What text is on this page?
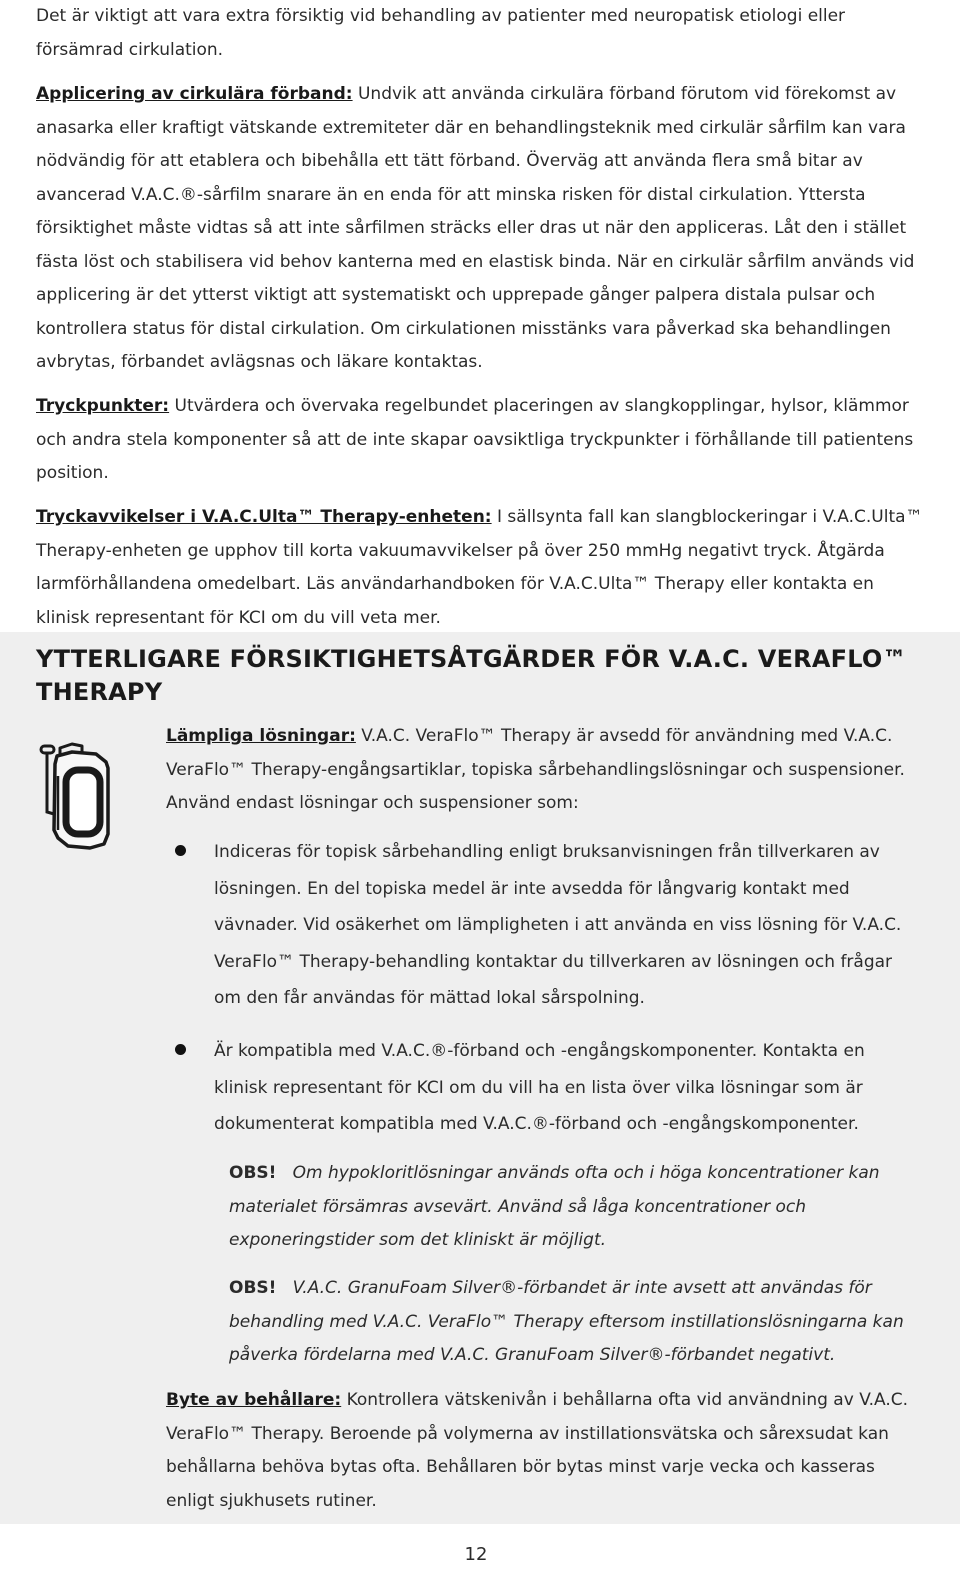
Det är viktigt att vara extra försiktig vid behandling av patienter med neuropatisk etiologi eller försämrad cirkulation.

Applicering av cirkulära förband: Undvik att använda cirkulära förband förutom vid förekomst av anasarka eller kraftigt vätskande extremiteter där en behandlingsteknik med cirkulär sårfilm kan vara nödvändig för att etablera och bibehålla ett tätt förband. Överväg att använda flera små bitar av avancerad V.A.C.®-sårfilm snarare än en enda för att minska risken för distal cirkulation. Yttersta försiktighet måste vidtas så att inte sårfilmen sträcks eller dras ut när den appliceras. Låt den i stället fästa löst och stabilisera vid behov kanterna med en elastisk binda. När en cirkulär sårfilm används vid applicering är det ytterst viktigt att systematiskt och upprepade gånger palpera distala pulsar och kontrollera status för distal cirkulation. Om cirkulationen misstänks vara påverkad ska behandlingen avbrytas, förbandet avlägsnas och läkare kontaktas.

Tryckpunkter: Utvärdera och övervaka regelbundet placeringen av slangkopplingar, hylsor, klämmor och andra stela komponenter så att de inte skapar oavsiktliga tryckpunkter i förhållande till patientens position.

Tryckavvikelser i V.A.C.Ulta™ Therapy-enheten: I sällsynta fall kan slangblockeringar i V.A.C.Ulta™ Therapy-enheten ge upphov till korta vakuumavvikelser på över 250 mmHg negativt tryck. Åtgärda larmförhållandena omedelbart. Läs användarhandboken för V.A.C.Ulta™ Therapy eller kontakta en klinisk representant för KCI om du vill veta mer.

YTTERLIGARE FÖRSIKTIGHETSÅTGÄRDER FÖR V.A.C. VERAFLO™ THERAPY

Lämpliga lösningar: V.A.C. VeraFlo™ Therapy är avsedd för användning med V.A.C. VeraFlo™ Therapy-engångsartiklar, topiska sårbehandlingslösningar och suspensioner. Använd endast lösningar och suspensioner som:

Indiceras för topisk sårbehandling enligt bruksanvisningen från tillverkaren av lösningen. En del topiska medel är inte avsedda för långvarig kontakt med vävnader. Vid osäkerhet om lämpligheten i att använda en viss lösning för V.A.C. VeraFlo™ Therapy-behandling kontaktar du tillverkaren av lösningen och frågar om den får användas för mättad lokal sårspolning.

Är kompatibla med V.A.C.®-förband och -engångskomponenter. Kontakta en klinisk representant för KCI om du vill ha en lista över vilka lösningar som är dokumenterat kompatibla med V.A.C.®-förband och -engångskomponenter.

OBS! Om hypokloritlösningar används ofta och i höga koncentrationer kan materialet försämras avsevärt. Använd så låga koncentrationer och exponeringstider som det kliniskt är möjligt.

OBS! V.A.C. GranuFoam Silver®-förbandet är inte avsett att användas för behandling med V.A.C. VeraFlo™ Therapy eftersom instillationslösningarna kan påverka fördelarna med V.A.C. GranuFoam Silver®-förbandet negativt.

Byte av behållare: Kontrollera vätskenivån i behållarna ofta vid användning av V.A.C. VeraFlo™ Therapy. Beroende på volymerna av instillationsvätska och sårexsudat kan behållarna behöva bytas ofta. Behållaren bör bytas minst varje vecka och kasseras enligt sjukhusets rutiner.

12
